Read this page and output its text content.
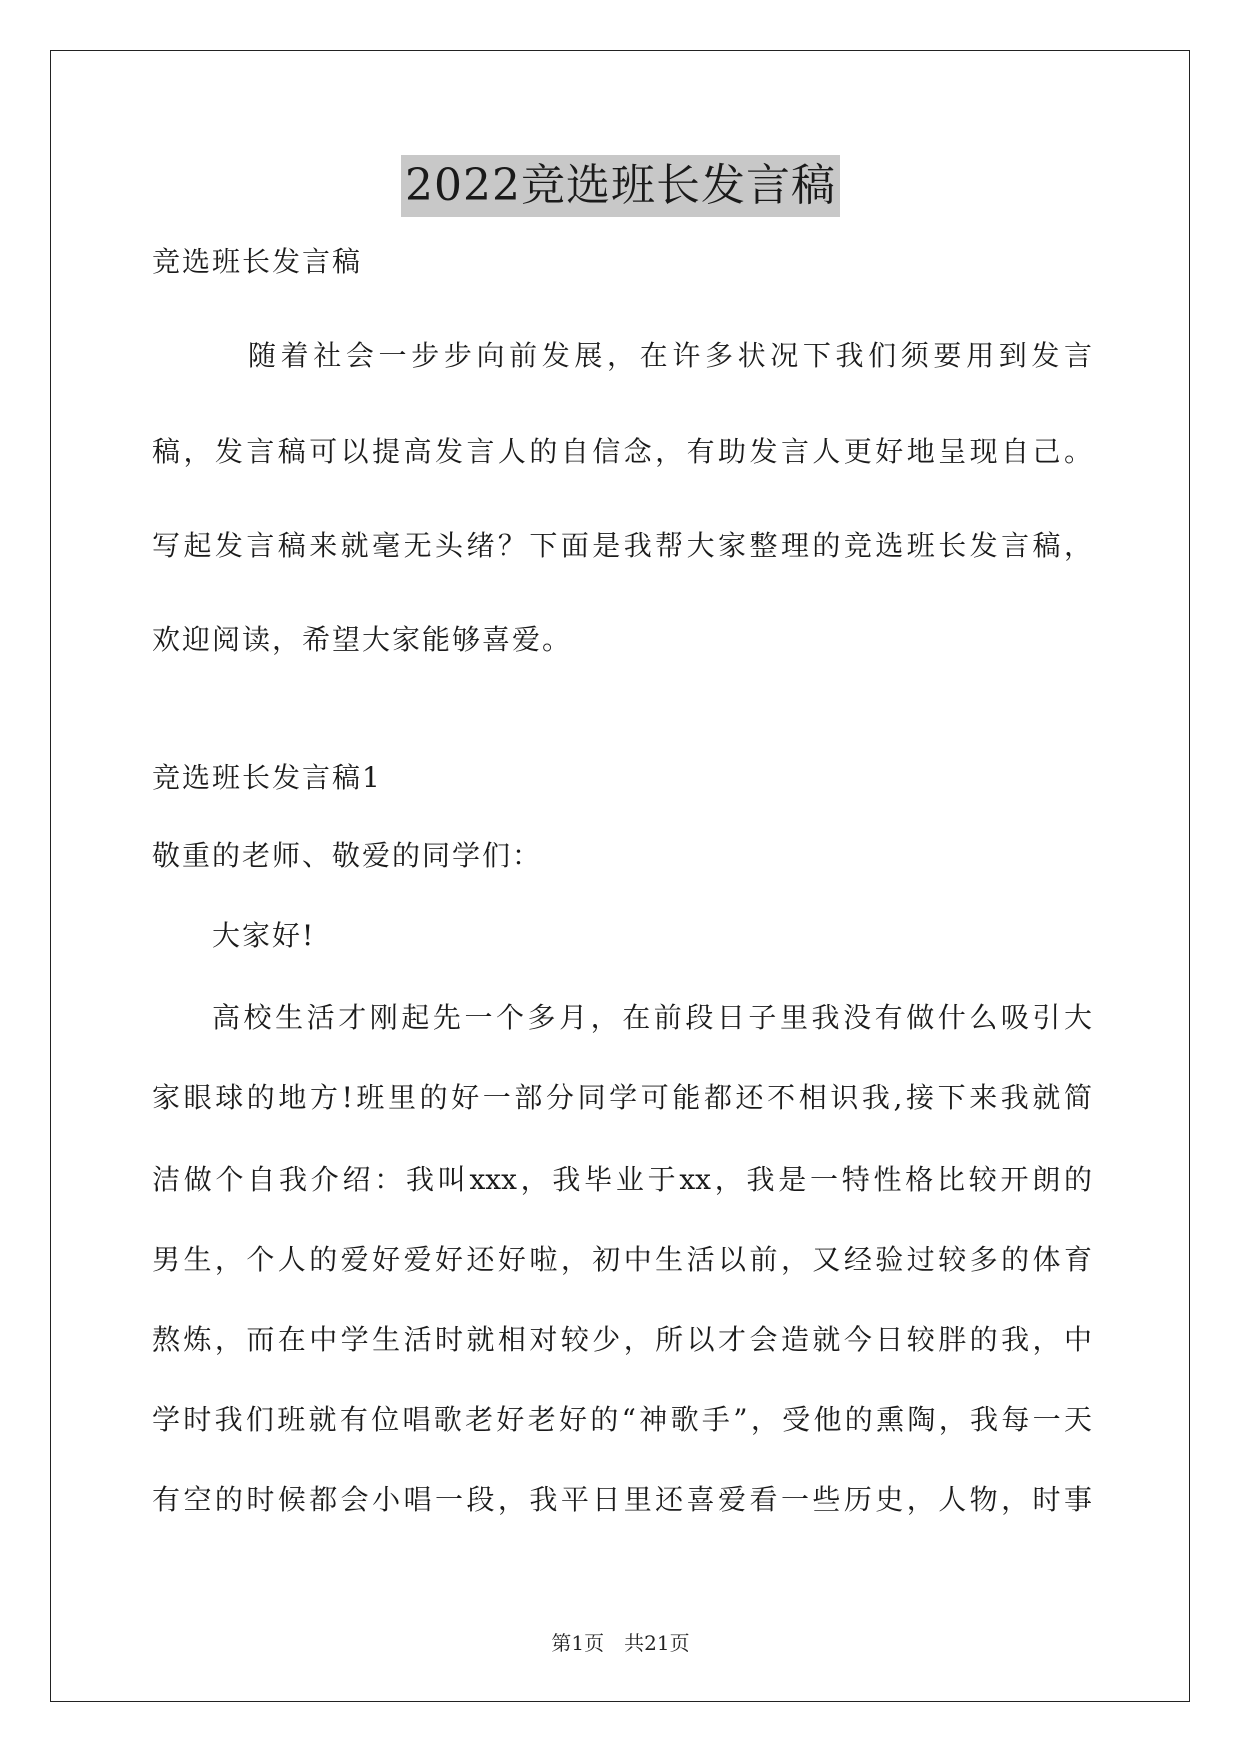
2022竞选班长发言稿
竞选班长发言稿
随着社会一步步向前发展，在许多状况下我们须要用到发言
稿，发言稿可以提高发言人的自信念，有助发言人更好地呈现自己。
写起发言稿来就毫无头绪？下面是我帮大家整理的竞选班长发言稿，
欢迎阅读，希望大家能够喜爱。
竞选班长发言稿1
敬重的老师、敬爱的同学们：
大家好!
高校生活才刚起先一个多月，在前段日子里我没有做什么吸引大
家眼球的地方!班里的好一部分同学可能都还不相识我,接下来我就简
洁做个自我介绍：我叫xxx，我毕业于xx，我是一特性格比较开朗的
男生，个人的爱好爱好还好啦，初中生活以前，又经验过较多的体育
熬炼，而在中学生活时就相对较少，所以才会造就今日较胖的我，中
学时我们班就有位唱歌老好老好的“神歌手”，受他的熏陶，我每一天
有空的时候都会小唱一段，我平日里还喜爱看一些历史，人物，时事
第1页 共21页
